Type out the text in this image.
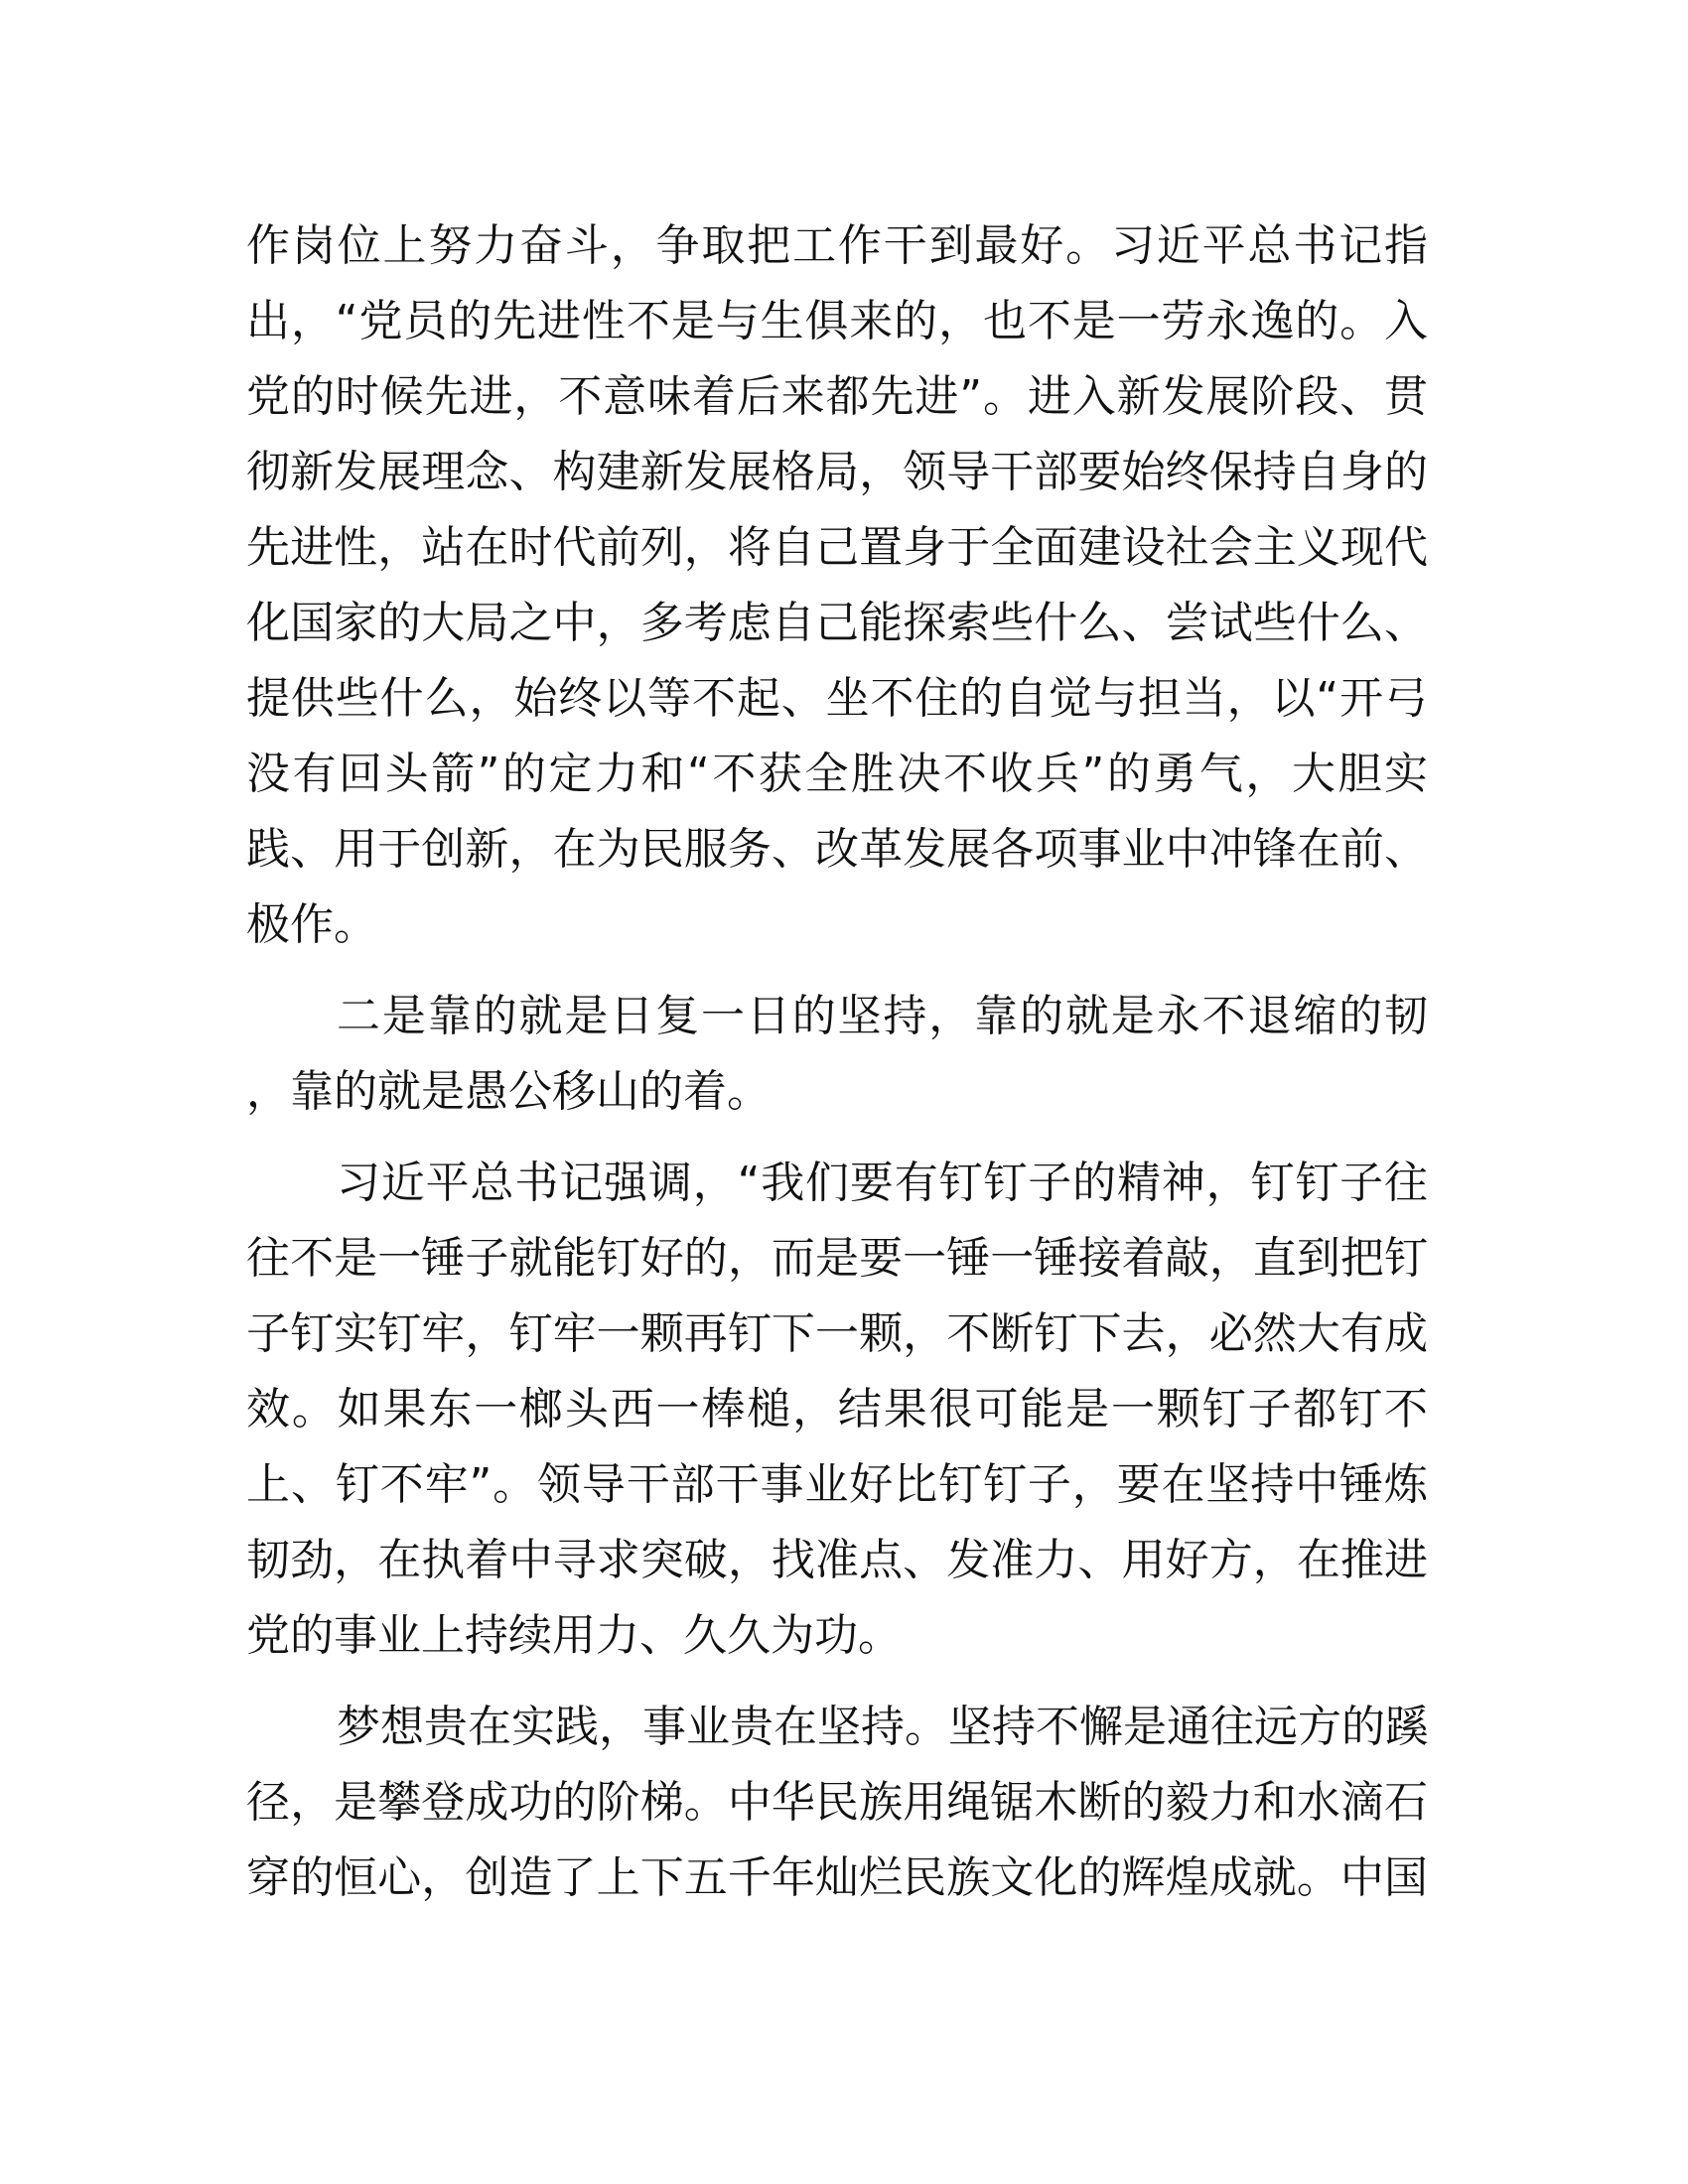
作岗位上努力奋斗，争取把工作干到最好。习近平总书记指
出，“党员的先进性不是与生俱来的，也不是一劳永逸的。入
党的时候先进，不意味着后来都先进”。进入新发展阶段、贯
彻新发展理念、构建新发展格局，领导干部要始终保持自身的
先进性，站在时代前列，将自己置身于全面建设社会主义现代
化国家的大局之中，多考虑自己能探索些什么、尝试些什么、
提供些什么，始终以等不起、坐不住的自觉与担当，以“开弓
没有回头箭”的定力和“不获全胜决不收兵”的勇气，大胆实
践、用于创新，在为民服务、改革发展各项事业中冲锋在前、
极作。
二是靠的就是日复一日的坚持，靠的就是永不退缩的韧
，靠的就是愚公移山的着。
习近平总书记强调，“我们要有钉钉子的精神，钉钉子往
往不是一锤子就能钉好的，而是要一锤一锤接着敲，直到把钉
子钉实钉牢，钉牢一颗再钉下一颗，不断钉下去，必然大有成
效。如果东一榔头西一棒槌，结果很可能是一颗钉子都钉不
上、钉不牢”。领导干部干事业好比钉钉子，要在坚持中锤炼
韧劲，在执着中寻求突破，找准点、发准力、用好方，在推进
党的事业上持续用力、久久为功。
梦想贵在实践，事业贵在坚持。坚持不懈是通往远方的蹊
径，是攀登成功的阶梯。中华民族用绳锯木断的毅力和水滴石
穿的恒心，创造了上下五千年灿烂民族文化的辉煌成就。中国
